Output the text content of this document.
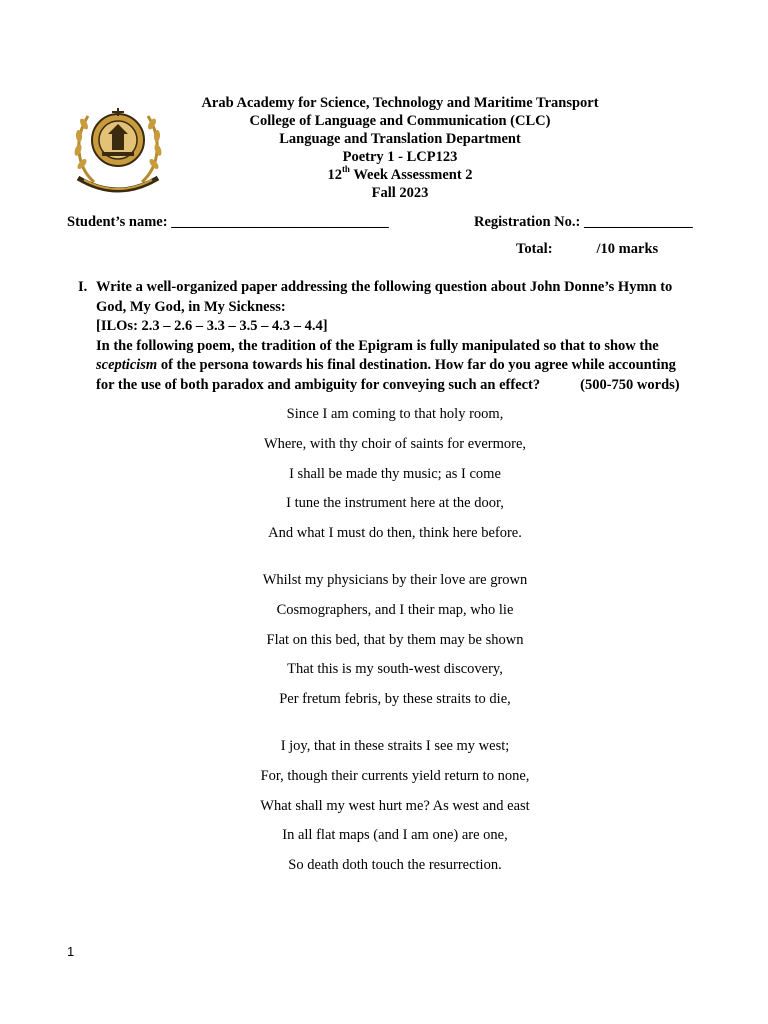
Arab Academy for Science, Technology and Maritime Transport
College of Language and Communication (CLC)
Language and Translation Department
Poetry 1 - LCP123
12th Week Assessment 2
Fall 2023
Student’s name: ______________________________	Registration No.: _______________
Total:	/10 marks
I. Write a well-organized paper addressing the following question about John Donne’s Hymn to
God, My God, in My Sickness:
[ILOs: 2.3 – 2.6 – 3.3 – 3.5 – 4.3 – 4.4]
In the following poem, the tradition of the Epigram is fully manipulated so that to show the
scepticism of the persona towards his final destination. How far do you agree while accounting
for the use of both paradox and ambiguity for conveying such an effect?	(500-750 words)
Since I am coming to that holy room,
Where, with thy choir of saints for evermore,
I shall be made thy music; as I come
I tune the instrument here at the door,
And what I must do then, think here before.
Whilst my physicians by their love are grown
Cosmographers, and I their map, who lie
Flat on this bed, that by them may be shown
That this is my south-west discovery,
Per fretum febris, by these straits to die,
I joy, that in these straits I see my west;
For, though their currents yield return to none,
What shall my west hurt me? As west and east
In all flat maps (and I am one) are one,
So death doth touch the resurrection.
1
